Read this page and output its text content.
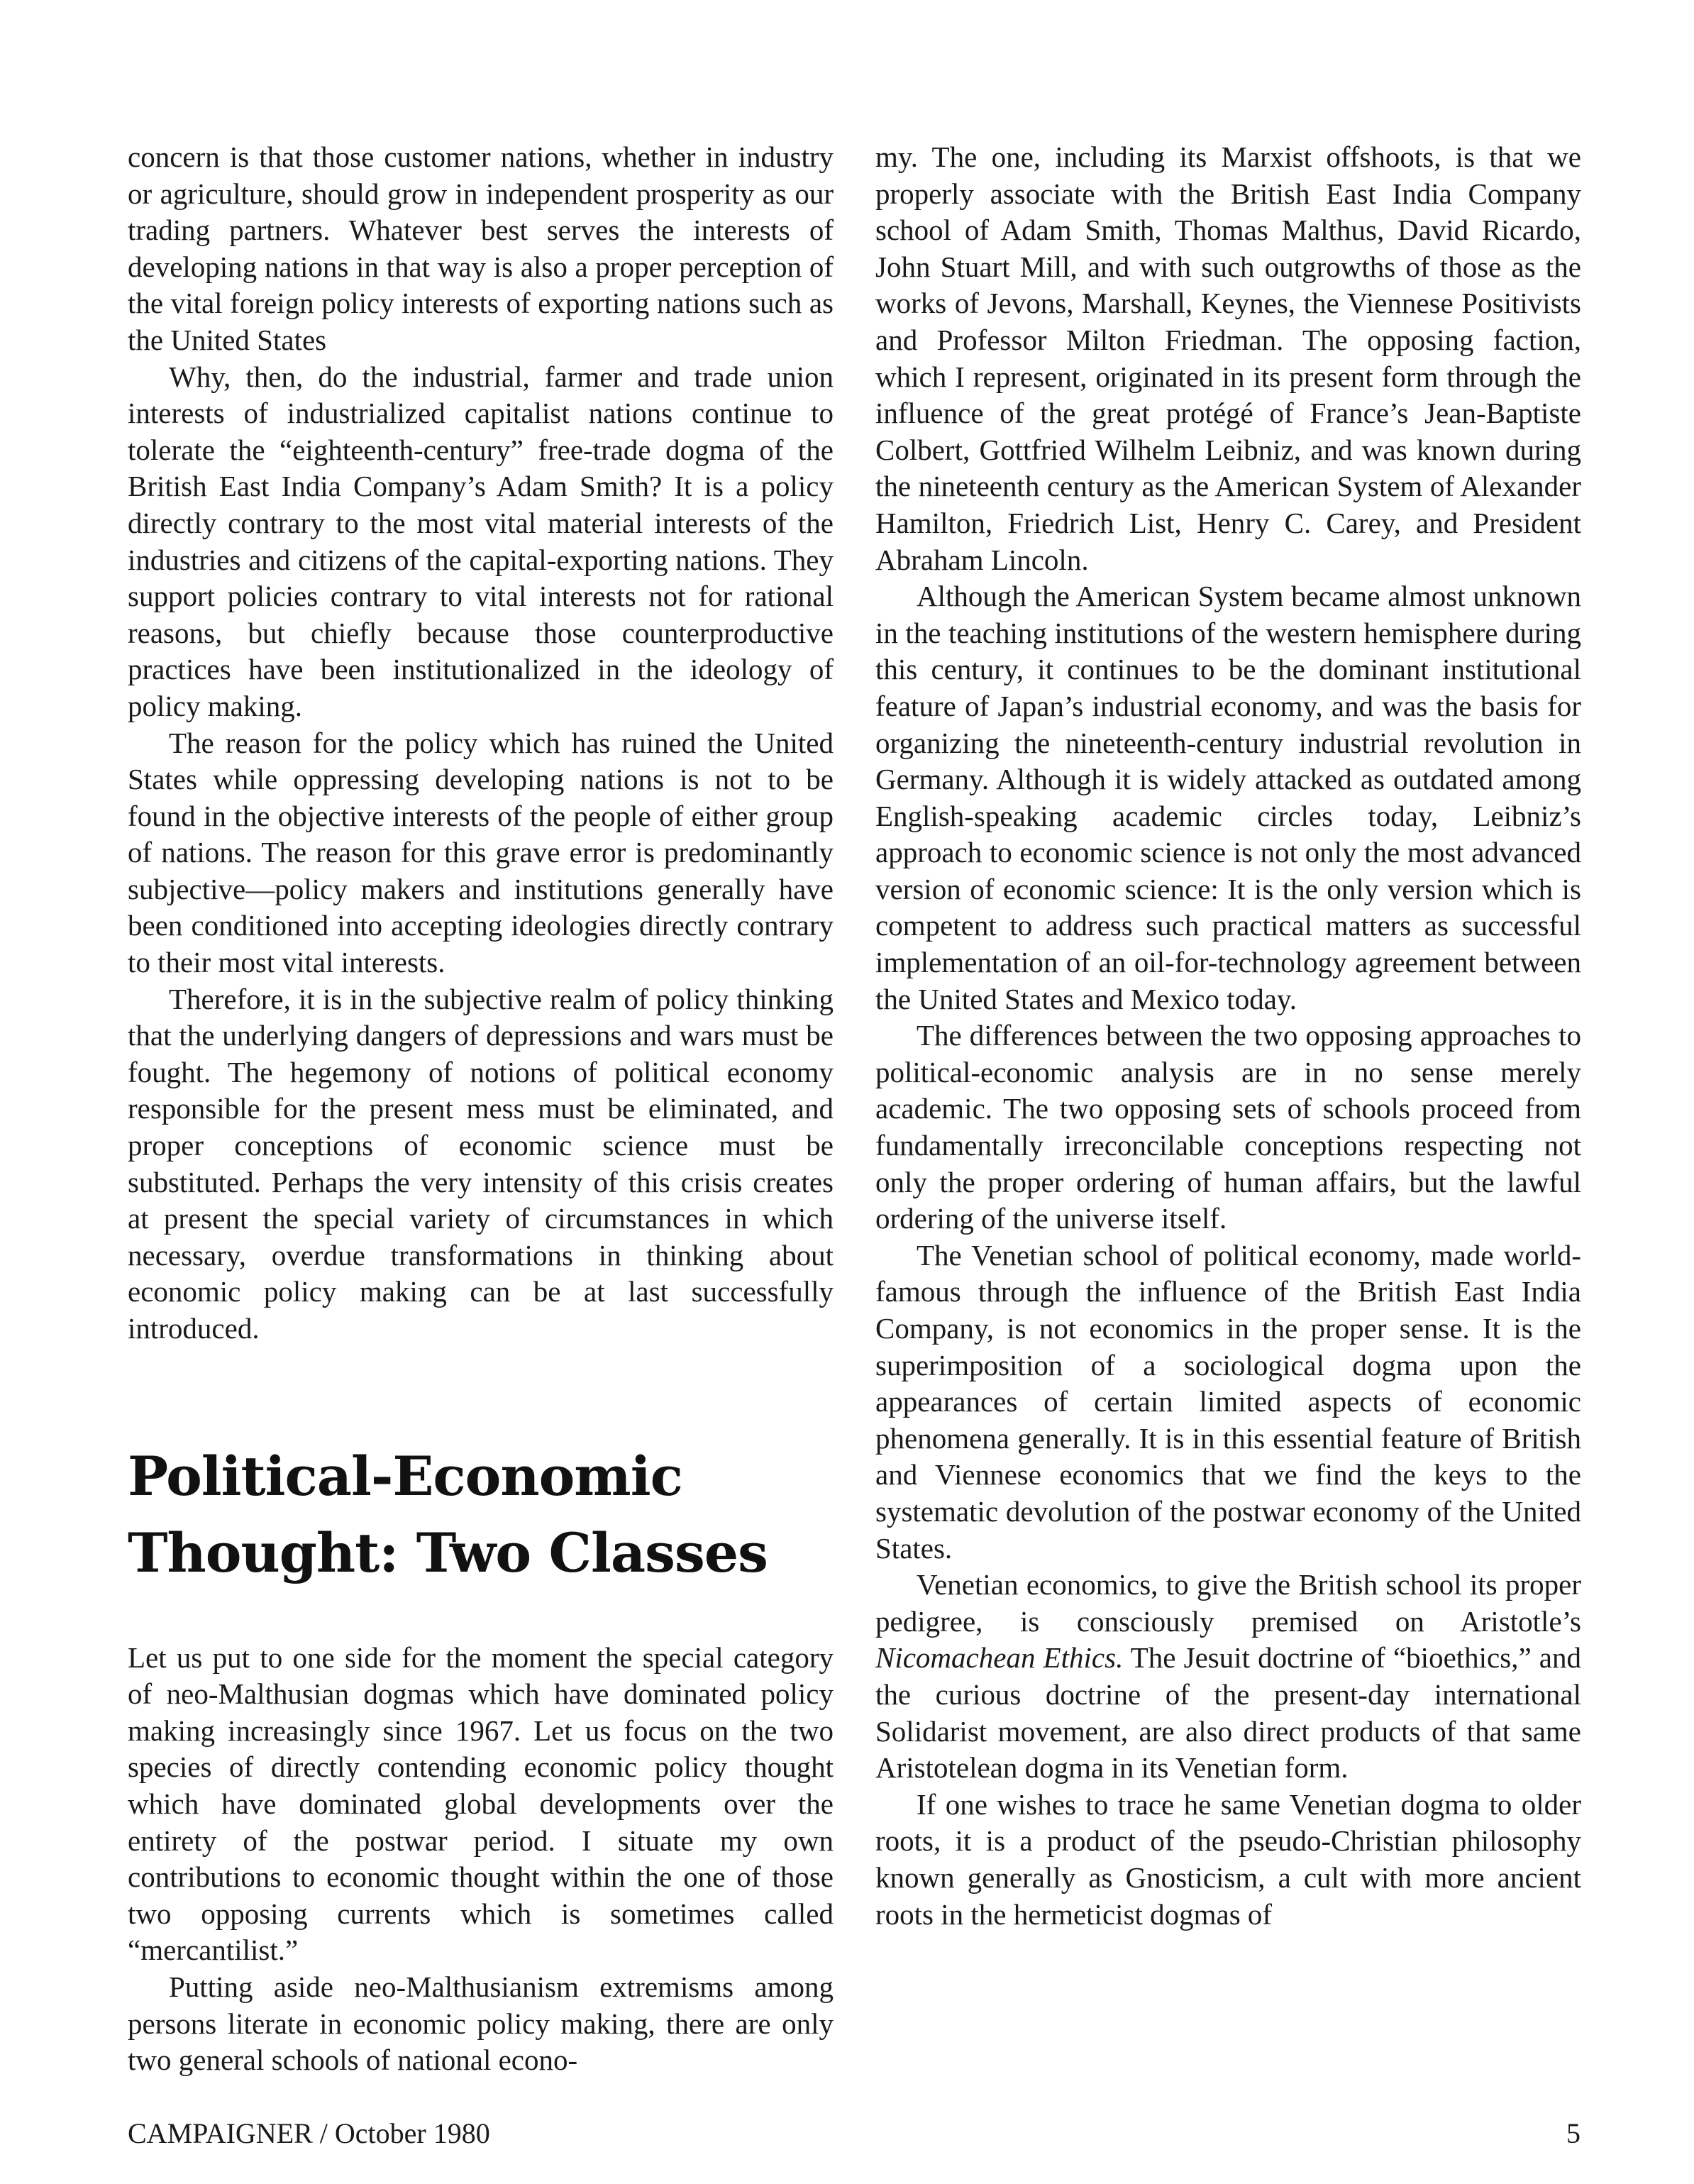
concern is that those customer nations, whether in industry or agriculture, should grow in independent prosperity as our trading partners. Whatever best serves the interests of developing nations in that way is also a proper perception of the vital foreign policy interests of exporting nations such as the United States

Why, then, do the industrial, farmer and trade union interests of industrialized capitalist nations continue to tolerate the “eighteenth-century” free-trade dogma of the British East India Company’s Adam Smith? It is a policy directly contrary to the most vital material interests of the industries and citizens of the capital-exporting nations. They support policies contrary to vital interests not for rational reasons, but chiefly because those counterproductive practices have been institutionalized in the ideology of policy making.

The reason for the policy which has ruined the United States while oppressing developing nations is not to be found in the objective interests of the people of either group of nations. The reason for this grave error is predominantly subjective—policy makers and institutions generally have been conditioned into accepting ideologies directly contrary to their most vital interests.

Therefore, it is in the subjective realm of policy thinking that the underlying dangers of depressions and wars must be fought. The hegemony of notions of political economy responsible for the present mess must be eliminated, and proper conceptions of economic science must be substituted. Perhaps the very intensity of this crisis creates at present the special variety of circumstances in which necessary, overdue transformations in thinking about economic policy making can be at last successfully introduced.

Political-Economic
Thought: Two Classes

Let us put to one side for the moment the special category of neo-Malthusian dogmas which have dominated policy making increasingly since 1967. Let us focus on the two species of directly contending economic policy thought which have dominated global developments over the entirety of the postwar period. I situate my own contributions to economic thought within the one of those two opposing currents which is sometimes called “mercantilist.”

Putting aside neo-Malthusianism extremisms among persons literate in economic policy making, there are only two general schools of national econo-

my. The one, including its Marxist offshoots, is that we properly associate with the British East India Company school of Adam Smith, Thomas Malthus, David Ricardo, John Stuart Mill, and with such outgrowths of those as the works of Jevons, Marshall, Keynes, the Viennese Positivists and Professor Milton Friedman. The opposing faction, which I represent, originated in its present form through the influence of the great protégé of France’s Jean-Baptiste Colbert, Gottfried Wilhelm Leibniz, and was known during the nineteenth century as the American System of Alexander Hamilton, Friedrich List, Henry C. Carey, and President Abraham Lincoln.

Although the American System became almost unknown in the teaching institutions of the western hemisphere during this century, it continues to be the dominant institutional feature of Japan’s industrial economy, and was the basis for organizing the nineteenth-century industrial revolution in Germany. Although it is widely attacked as outdated among English-speaking academic circles today, Leibniz’s approach to economic science is not only the most advanced version of economic science: It is the only version which is competent to address such practical matters as successful implementation of an oil-for-technology agreement between the United States and Mexico today.

The differences between the two opposing approaches to political-economic analysis are in no sense merely academic. The two opposing sets of schools proceed from fundamentally irreconcilable conceptions respecting not only the proper ordering of human affairs, but the lawful ordering of the universe itself.

The Venetian school of political economy, made world-famous through the influence of the British East India Company, is not economics in the proper sense. It is the superimposition of a sociological dogma upon the appearances of certain limited aspects of economic phenomena generally. It is in this essential feature of British and Viennese economics that we find the keys to the systematic devolution of the postwar economy of the United States.

Venetian economics, to give the British school its proper pedigree, is consciously premised on Aristotle’s Nicomachean Ethics. The Jesuit doctrine of “bioethics,” and the curious doctrine of the present-day international Solidarist movement, are also direct products of that same Aristotelean dogma in its Venetian form.

If one wishes to trace he same Venetian dogma to older roots, it is a product of the pseudo-Christian philosophy known generally as Gnosticism, a cult with more ancient roots in the hermeticist dogmas of

CAMPAIGNER / October 1980	5
